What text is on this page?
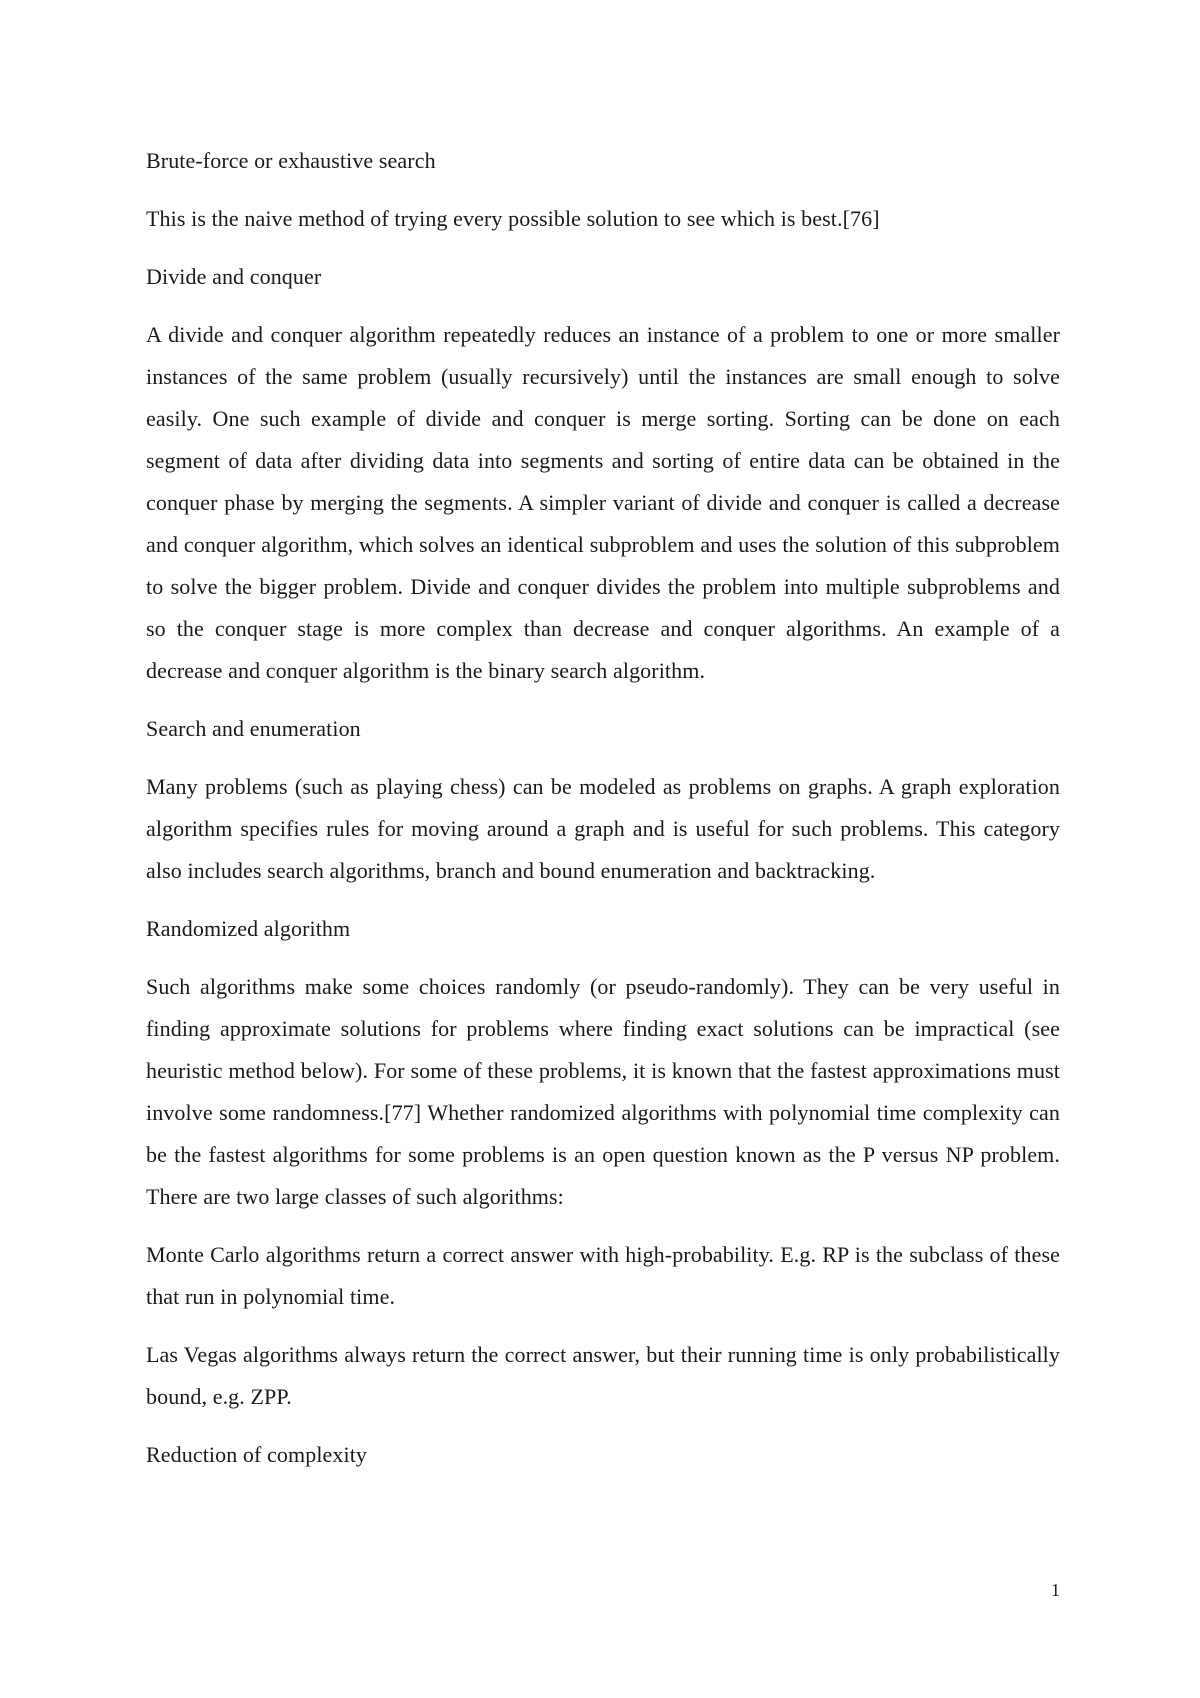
Brute-force or exhaustive search
This is the naive method of trying every possible solution to see which is best.[76]
Divide and conquer
A divide and conquer algorithm repeatedly reduces an instance of a problem to one or more smaller instances of the same problem (usually recursively) until the instances are small enough to solve easily. One such example of divide and conquer is merge sorting. Sorting can be done on each segment of data after dividing data into segments and sorting of entire data can be obtained in the conquer phase by merging the segments. A simpler variant of divide and conquer is called a decrease and conquer algorithm, which solves an identical subproblem and uses the solution of this subproblem to solve the bigger problem. Divide and conquer divides the problem into multiple subproblems and so the conquer stage is more complex than decrease and conquer algorithms. An example of a decrease and conquer algorithm is the binary search algorithm.
Search and enumeration
Many problems (such as playing chess) can be modeled as problems on graphs. A graph exploration algorithm specifies rules for moving around a graph and is useful for such problems. This category also includes search algorithms, branch and bound enumeration and backtracking.
Randomized algorithm
Such algorithms make some choices randomly (or pseudo-randomly). They can be very useful in finding approximate solutions for problems where finding exact solutions can be impractical (see heuristic method below). For some of these problems, it is known that the fastest approximations must involve some randomness.[77] Whether randomized algorithms with polynomial time complexity can be the fastest algorithms for some problems is an open question known as the P versus NP problem. There are two large classes of such algorithms:
Monte Carlo algorithms return a correct answer with high-probability. E.g. RP is the subclass of these that run in polynomial time.
Las Vegas algorithms always return the correct answer, but their running time is only probabilistically bound, e.g. ZPP.
Reduction of complexity
1
